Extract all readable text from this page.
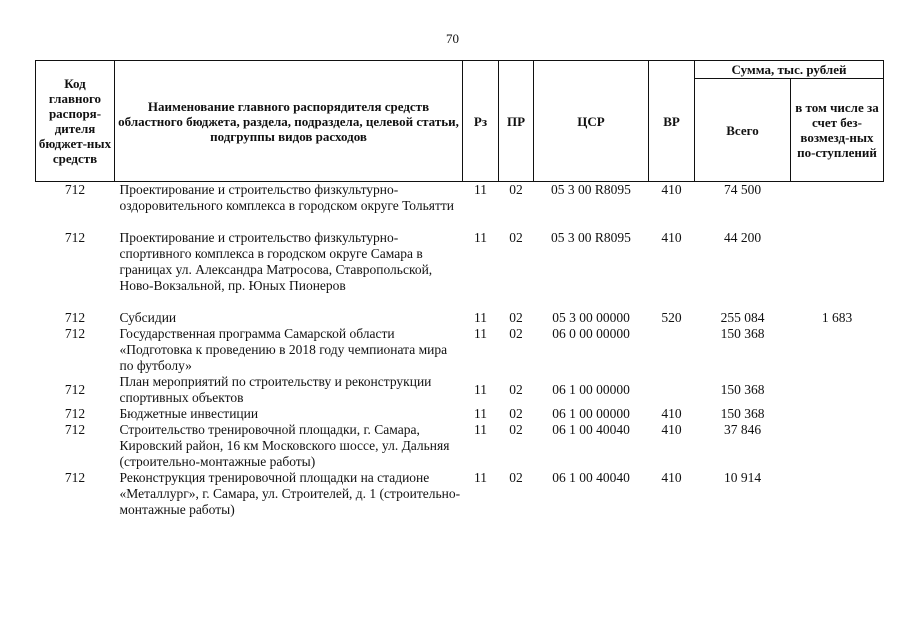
70
Код главного распоря-дителя бюджет-ных средств	Наименование главного распорядителя средств областного бюджета, раздела, подраздела, целевой статьи, подгруппы видов расходов	Рз	ПР	ЦСР	ВР	Сумма, тыс. рублей	
						Всего	в том числе за счет без-возмезд-ных по-ступлений
712	Проектирование и строительство физкультурно-оздоровительного комплекса в городском округе Тольятти	11	02	05 3 00 R8095	410	74 500	
712	Проектирование и строительство физкультурно-спортивного комплекса в городском округе Самара в границах ул. Александра Матросова, Ставропольской, Ново-Вокзальной, пр. Юных Пионеров	11	02	05 3 00 R8095	410	44 200	
712	Субсидии	11	02	05 3 00 00000	520	255 084	1 683
712	Государственная программа Самарской области «Подготовка к проведению в 2018 году чемпионата мира по футболу»	11	02	06 0 00 00000		150 368	
712	План мероприятий по строительству и реконструкции спортивных объектов	11	02	06 1 00 00000		150 368	
712	Бюджетные инвестиции	11	02	06 1 00 00000	410	150 368	
712	Строительство тренировочной площадки, г. Самара, Кировский район, 16 км Московского шоссе, ул. Дальняя (строительно-монтажные работы)	11	02	06 1 00 40040	410	37 846	
712	Реконструкция тренировочной площадки на стадионе «Металлург», г. Самара, ул. Строителей, д. 1 (строительно-монтажные работы)	11	02	06 1 00 40040	410	10 914	
